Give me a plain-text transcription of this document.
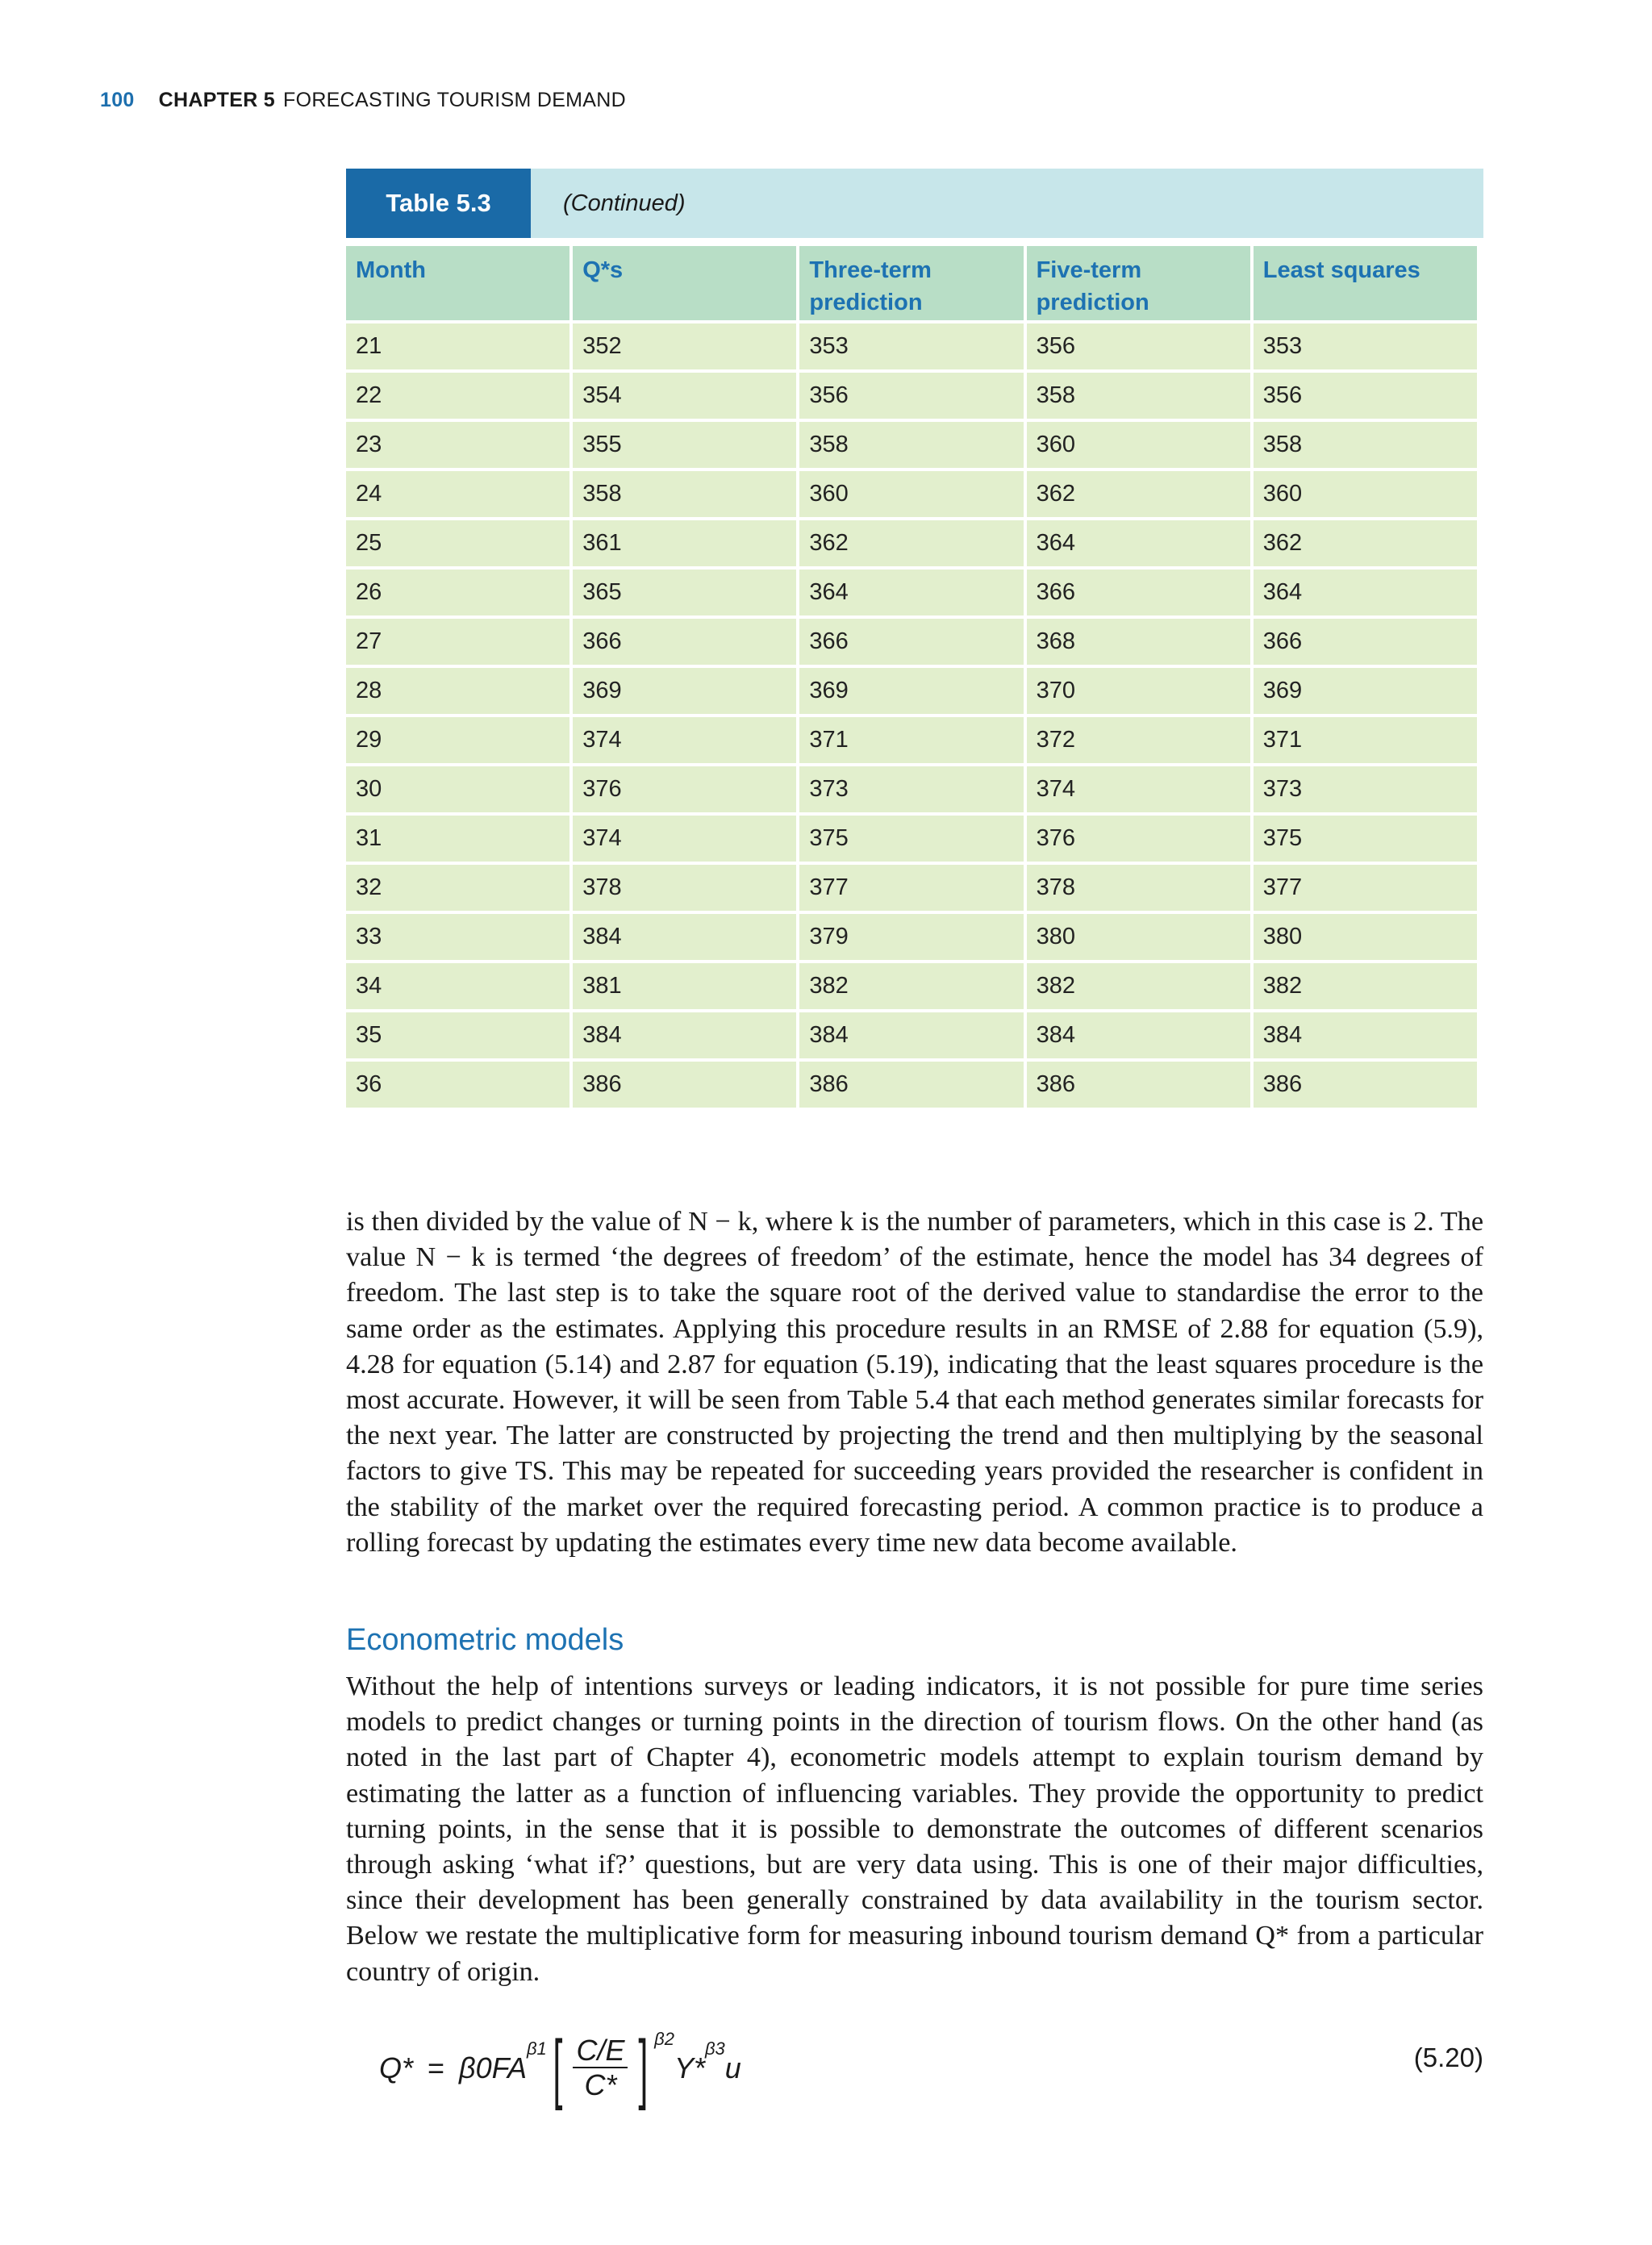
100 CHAPTER 5 FORECASTING TOURISM DEMAND
Table 5.3	(Continued)
Month	Q*s	Three-term prediction	Five-term prediction	Least squares
21	352	353	356	353
22	354	356	358	356
23	355	358	360	358
24	358	360	362	360
25	361	362	364	362
26	365	364	366	364
27	366	366	368	366
28	369	369	370	369
29	374	371	372	371
30	376	373	374	373
31	374	375	376	375
32	378	377	378	377
33	384	379	380	380
34	381	382	382	382
35	384	384	384	384
36	386	386	386	386
is then divided by the value of N − k, where k is the number of parameters, which in this case is 2. The value N − k is termed ‘the degrees of freedom’ of the estimate, hence the model has 34 degrees of freedom. The last step is to take the square root of the derived value to standardise the error to the same order as the estimates. Applying this procedure results in an RMSE of 2.88 for equation (5.9), 4.28 for equation (5.14) and 2.87 for equation (5.19), indicating that the least squares procedure is the most accurate. However, it will be seen from Table 5.4 that each method generates similar forecasts for the next year. The latter are constructed by projecting the trend and then multiplying by the seasonal factors to give TS. This may be repeated for succeeding years provided the researcher is confident in the stability of the market over the required forecasting period. A common practice is to produce a rolling forecast by updating the estimates every time new data become available.
Econometric models
Without the help of intentions surveys or leading indicators, it is not possible for pure time series models to predict changes or turning points in the direction of tourism flows. On the other hand (as noted in the last part of Chapter 4), econometric models attempt to explain tourism demand by estimating the latter as a function of influencing variables. They provide the opportunity to predict turning points, in the sense that it is possible to demonstrate the outcomes of different scenarios through asking ‘what if?’ questions, but are very data using. This is one of their major difficulties, since their development has been generally constrained by data availability in the tourism sector. Below we restate the multiplicative form for measuring inbound tourism demand Q* from a particular country of origin.
Q* = β0FA
β1 [ $\frac{C/E}{C*}$ ] β2
Y*
β3
u	(5.20)
